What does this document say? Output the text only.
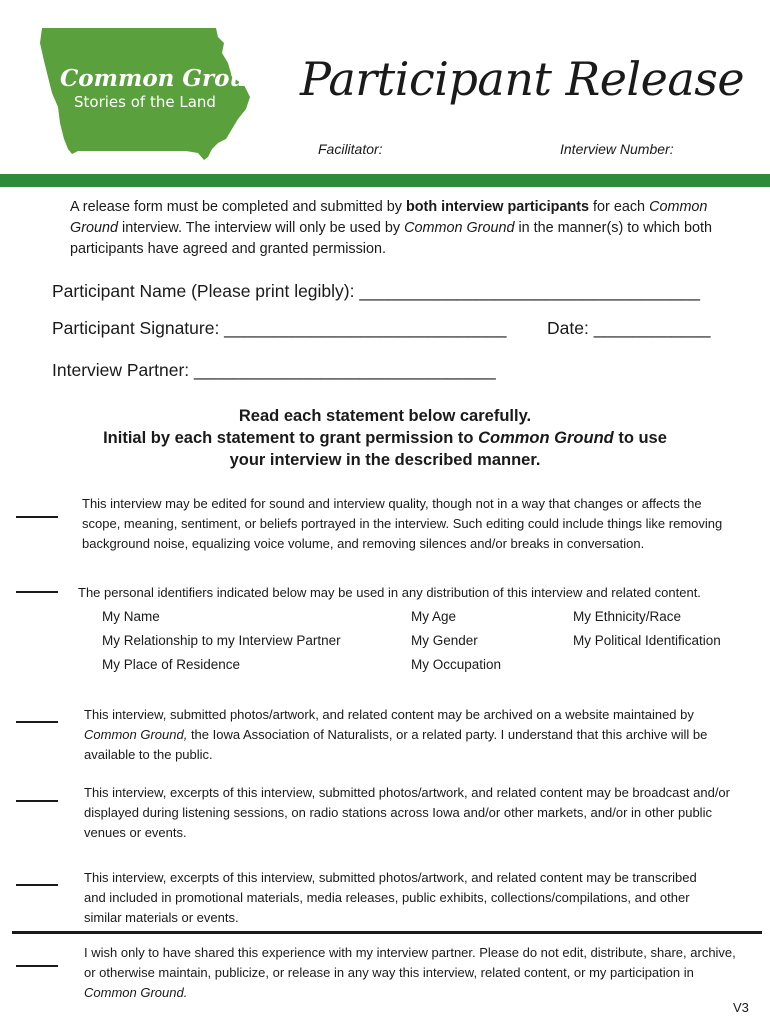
Common Ground
Stories of the Land Participant Release
Facilitator:	Interview Number:
A release form must be completed and submitted by both interview participants for each Common Ground interview. The interview will only be used by Common Ground in the manner(s) to which both participants have agreed and granted permission.
Participant Name (Please print legibly): ___________________________________
Participant Signature: _____________________________ Date: ____________
Interview Partner: _______________________________
Read each statement below carefully.
Initial by each statement to grant permission to Common Ground to use your interview in the described manner.
This interview may be edited for sound and interview quality, though not in a way that changes or affects the scope, meaning, sentiment, or beliefs portrayed in the interview. Such editing could include things like removing background noise, equalizing voice volume, and removing silences and/or breaks in conversation.
The personal identifiers indicated below may be used in any distribution of this interview and related content.
My Name	My Age	My Ethnicity/Race
My Relationship to my Interview Partner	My Gender	My Political Identification
My Place of Residence	My Occupation
This interview, submitted photos/artwork, and related content may be archived on a website maintained by Common Ground, the Iowa Association of Naturalists, or a related party. I understand that this archive will be available to the public.
This interview, excerpts of this interview, submitted photos/artwork, and related content may be broadcast and/or displayed during listening sessions, on radio stations across Iowa and/or other markets, and/or in other public venues or events.
This interview, excerpts of this interview, submitted photos/artwork, and related content may be transcribed and included in promotional materials, media releases, public exhibits, collections/compilations, and other similar materials or events.
I wish only to have shared this experience with my interview partner. Please do not edit, distribute, share, archive, or otherwise maintain, publicize, or release in any way this interview, related content, or my participation in Common Ground.
V3
